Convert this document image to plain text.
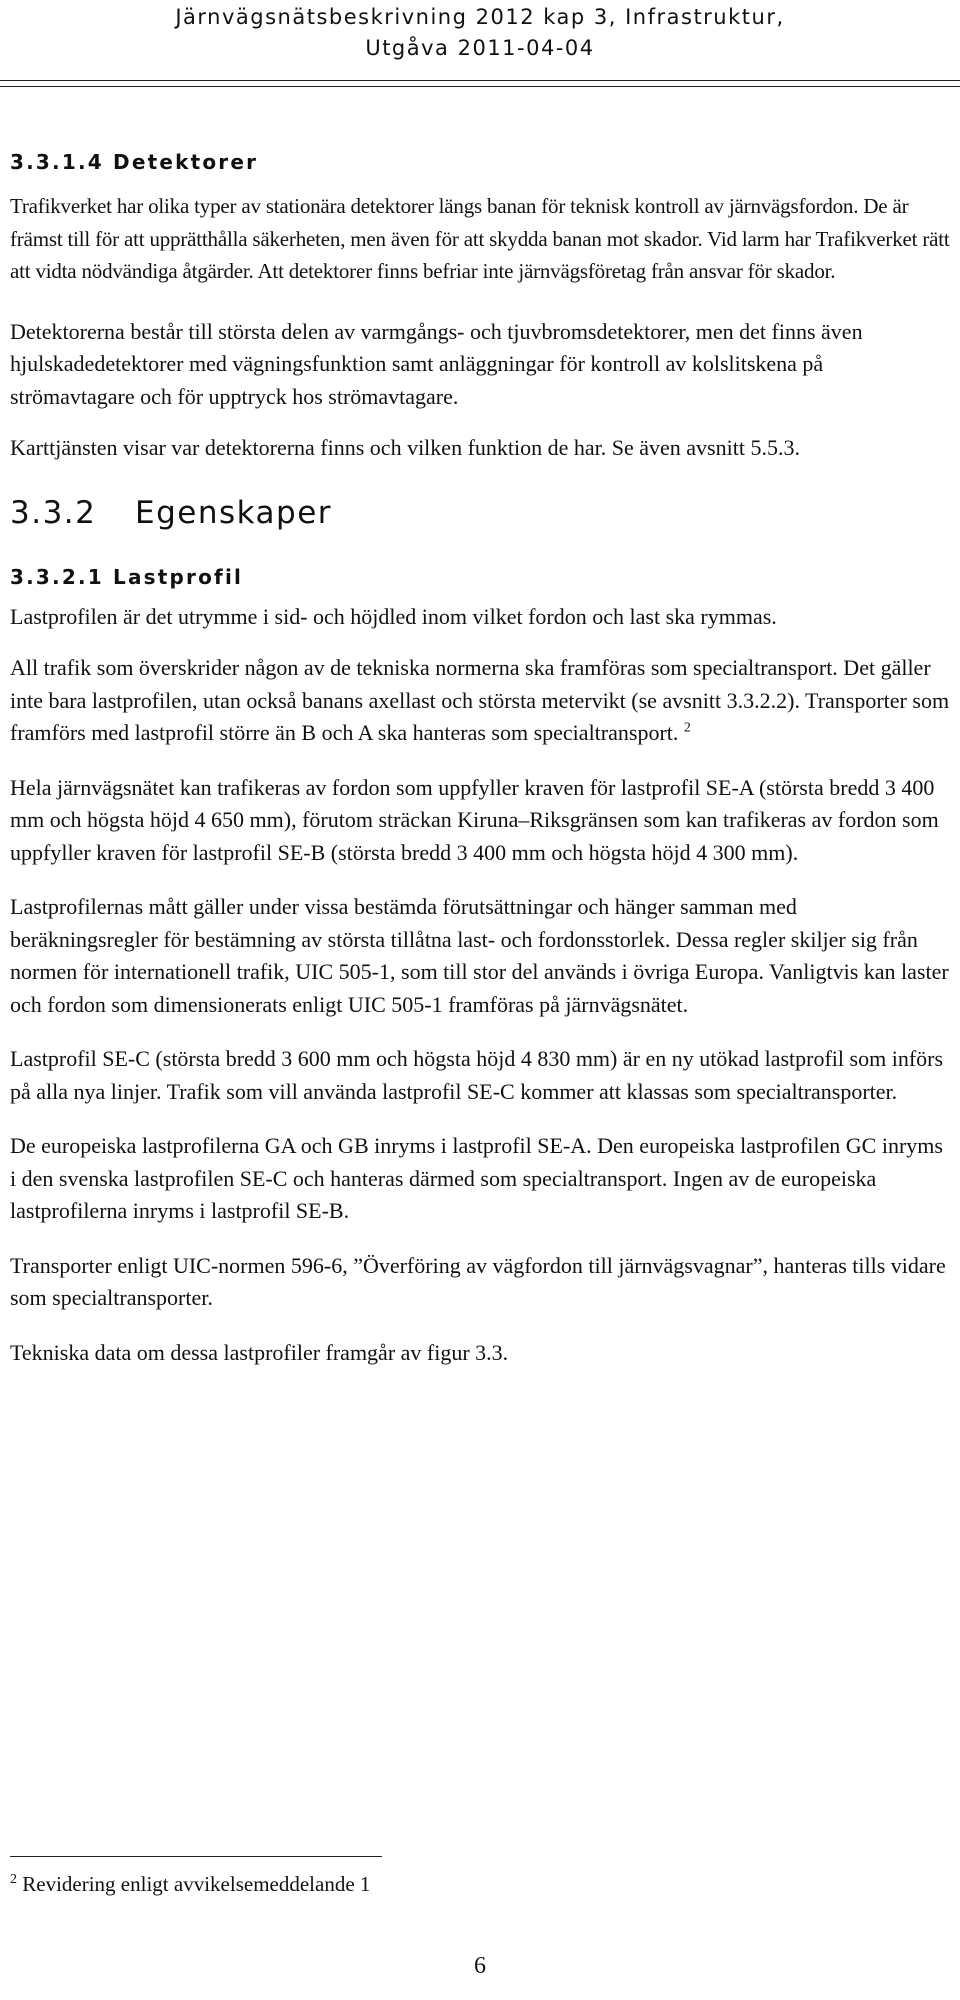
Järnvägsnätsbeskrivning 2012 kap 3, Infrastruktur,
Utgåva 2011-04-04
3.3.1.4 Detektorer

Trafikverket har olika typer av stationära detektorer längs banan för teknisk kontroll av järnvägsfordon. De är främst till för att upprätthålla säkerheten, men även för att skydda banan mot skador. Vid larm har Trafikverket rätt att vidta nödvändiga åtgärder. Att detektorer finns befriar inte järnvägsföretag från ansvar för skador.

Detektorerna består till största delen av varmgångs- och tjuvbromsdetektorer, men det finns även hjulskadedetektorer med vägningsfunktion samt anläggningar för kontroll av kolslitskena på strömavtagare och för upptryck hos strömavtagare.

Karttjänsten visar var detektorerna finns och vilken funktion de har. Se även avsnitt 5.5.3.

3.3.2 Egenskaper
3.3.2.1 Lastprofil

Lastprofilen är det utrymme i sid- och höjdled inom vilket fordon och last ska rymmas.

All trafik som överskrider någon av de tekniska normerna ska framföras som specialtransport. Det gäller inte bara lastprofilen, utan också banans axellast och största metervikt (se avsnitt 3.3.2.2). Transporter som framförs med lastprofil större än B och A ska hanteras som specialtransport. $^2$

Hela järnvägsnätet kan trafikeras av fordon som uppfyller kraven för lastprofil SE-A (största bredd 3 400 mm och högsta höjd 4 650 mm), förutom sträckan Kiruna–Riksgränsen som kan trafikeras av fordon som uppfyller kraven för lastprofil SE-B (största bredd 3 400 mm och högsta höjd 4 300 mm).

Lastprofilernas mått gäller under vissa bestämda förutsättningar och hänger samman med beräkningsregler för bestämning av största tillåtna last- och fordonsstorlek. Dessa regler skiljer sig från normen för internationell trafik, UIC 505-1, som till stor del används i övriga Europa. Vanligtvis kan laster och fordon som dimensionerats enligt UIC 505-1 framföras på järnvägsnätet.

Lastprofil SE-C (största bredd 3 600 mm och högsta höjd 4 830 mm) är en ny utökad lastprofil som införs på alla nya linjer. Trafik som vill använda lastprofil SE-C kommer att klassas som specialtransporter.

De europeiska lastprofilerna GA och GB inryms i lastprofil SE-A. Den europeiska lastprofilen GC inryms i den svenska lastprofilen SE-C och hanteras därmed som specialtransport. Ingen av de europeiska lastprofilerna inryms i lastprofil SE-B.

Transporter enligt UIC-normen 596-6, ”Överföring av vägfordon till järnvägsvagnar”, hanteras tills vidare som specialtransporter.

Tekniska data om dessa lastprofiler framgår av figur 3.3.

$^2$ Revidering enligt avvikelsemeddelande 1
6
